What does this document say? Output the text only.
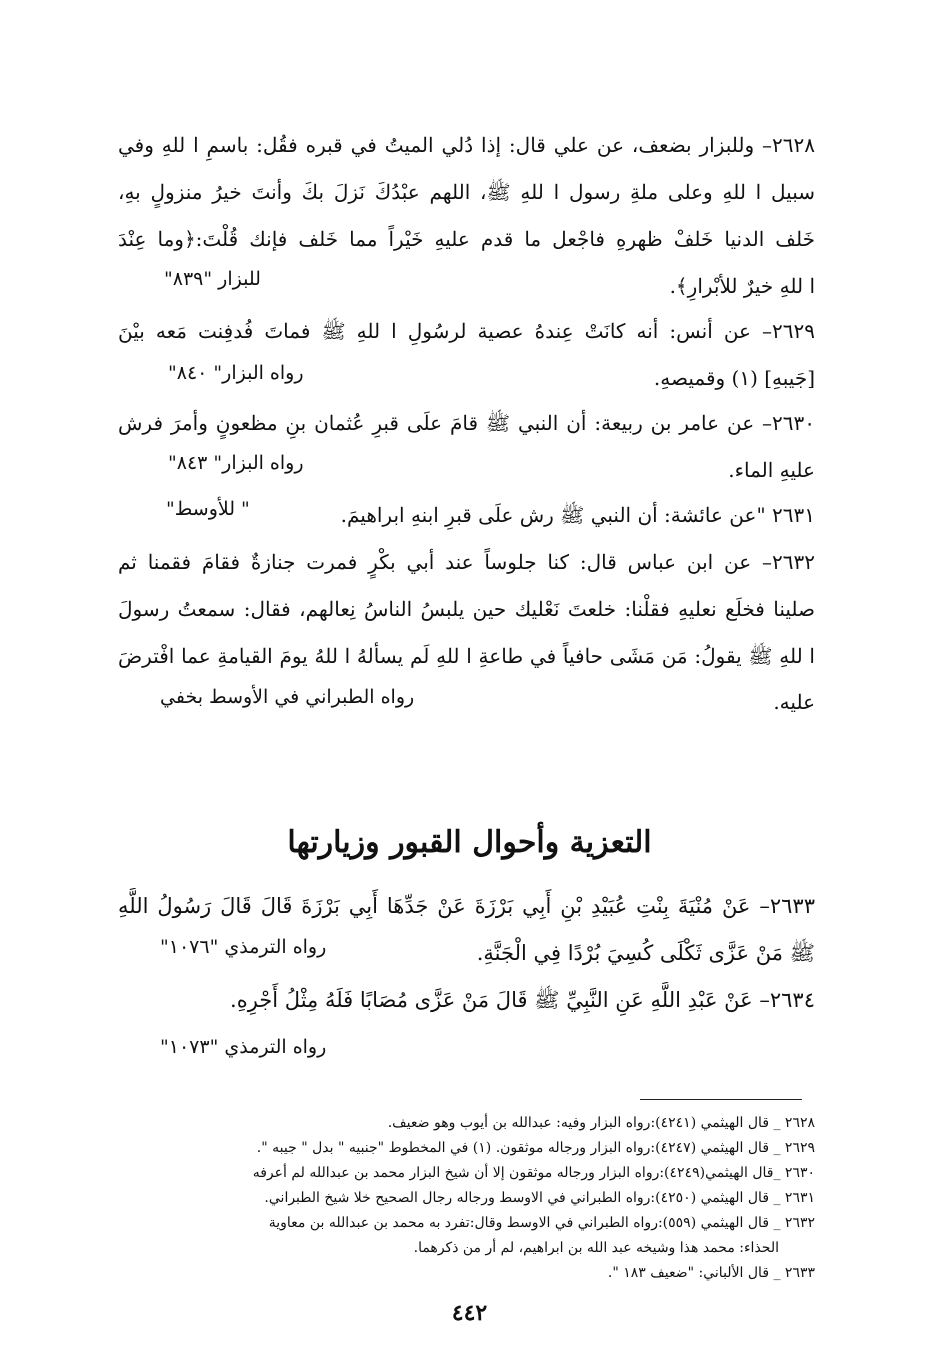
٢٦٢٨– وللبزار بضعف، عن علي قال: إذا دُلي الميتُ في قبره فقُل: باسمِ ا للهِ وفي
سبيل ا للهِ وعلى ملةِ رسول ا للهِ ﷺ، اللهم عبْدُكَ نَزلَ بكَ وأنتَ خيرُ منزولٍ بهِ،
خَلف الدنيا خَلفْ ظهرهِ فاجْعل ما قدم عليهِ خَيْراً مما خَلف فإنك قُلْتَ:﴿وما عِنْدَ
ا للهِ خيرٌ للأبْرارِ﴾.
للبزار "٨٣٩"
٢٦٢٩– عن أنس: أنه كانَتْ عِندهُ عصية لرسُولِ ا للهِ ﷺ فماتَ فُدفِنت مَعه بيْنَ
[جَيبهِ] (١) وقميصهِ.
رواه البزار" ٨٤٠"
٢٦٣٠– عن عامر بن ربيعة: أن النبي ﷺ قامَ علَى قبرِ عُثمان بنِ مظعونٍ وأمرَ فرش
عليهِ الماء.
رواه البزار" ٨٤٣"
٢٦٣١ "عن عائشة: أن النبي ﷺ رش علَى قبرِ ابنهِ ابراهيمَ.
" للأوسط"
٢٦٣٢– عن ابن عباس قال: كنا جلوساً عند أبي بكْرٍ فمرت جنازةٌ فقامَ فقمنا ثم
صلينا فخلَع نعليهِ فقلْنا: خلعتَ نَعْليك حين يلبسُ الناسُ نِعالهم، فقال: سمعتُ رسولَ
ا للهِ ﷺ يقولُ: مَن مَشَى حافياً في طاعةِ ا للهِ لَم يسألهُ ا للهُ يومَ القيامةِ عما افْترضَ
عليه.
رواه الطبراني في الأوسط بخفي
التعزية وأحوال القبور وزيارتها
٢٦٣٣– عَنْ مُنْيَةَ بِنْتِ عُبَيْدِ بْنِ أَبِي بَرْزَةَ عَنْ جَدِّهَا أَبِي بَرْزَةَ قَالَ قَالَ رَسُولُ اللَّهِ
ﷺ مَنْ عَزَّى ثَكْلَى كُسِيَ بُرْدًا فِي الْجَنَّةِ.
رواه الترمذي "١٠٧٦"
٢٦٣٤– عَنْ عَبْدِ اللَّهِ عَنِ النَّبِيِّ ﷺ قَالَ مَنْ عَزَّى مُصَابًا فَلَهُ مِثْلُ أَجْرِهِ.
رواه الترمذي "١٠٧٣"
٢٦٢٨ _ قال الهيثمي (٤٢٤١):رواه البزار وفيه: عبدالله بن أيوب وهو ضعيف.
٢٦٢٩ _ قال الهيثمي (٤٢٤٧):رواه البزار ورجاله موثقون. (١) في المخطوط "جنبيه " بدل " جيبه ".
٢٦٣٠ _قال الهيثمي(٤٢٤٩):رواه البزار ورجاله موثقون إلا أن شيخ البزار محمد بن عبدالله لم أعرفه
٢٦٣١ _ قال الهيثمي (٤٢٥٠):رواه الطبراني في الاوسط ورجاله رجال الصحيح خلا شيخ الطبراني.
٢٦٣٢ _ قال الهيثمي (٥٥٩):رواه الطبراني في الاوسط وقال:تفرد به محمد بن عبدالله بن معاوية
الحذاء: محمد هذا وشيخه عبد الله بن ابراهيم، لم أر من ذكرهما.
٢٦٣٣ _ قال الألباني: "ضعيف ١٨٣ ".
٤٤٢
